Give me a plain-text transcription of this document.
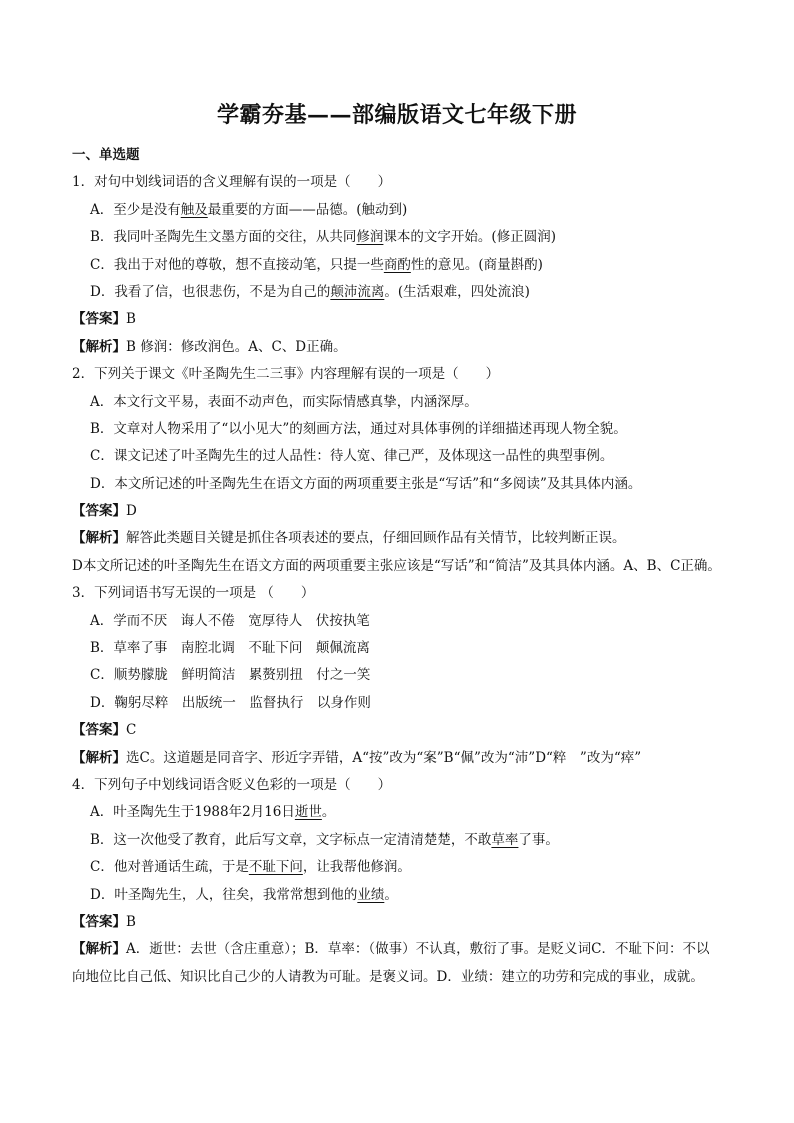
学霸夯基——部编版语文七年级下册
一、单选题
1．对句中划线词语的含义理解有误的一项是（　　）
A．至少是没有触及最重要的方面——品德。(触动到)
B．我同叶圣陶先生文墨方面的交往，从共同修润课本的文字开始。(修正圆润)
C．我出于对他的尊敬，想不直接动笔，只提一些商酌性的意见。(商量斟酌)
D．我看了信，也很悲伤，不是为自己的颠沛流离。(生活艰难，四处流浪)
【答案】B
【解析】B 修润：修改润色。A、C、D正确。
2．下列关于课文《叶圣陶先生二三事》内容理解有误的一项是（　　）
A．本文行文平易，表面不动声色，而实际情感真挚，内涵深厚。
B．文章对人物采用了“以小见大”的刻画方法，通过对具体事例的详细描述再现人物全貌。
C．课文记述了叶圣陶先生的过人品性：待人宽、律己严，及体现这一品性的典型事例。
D．本文所记述的叶圣陶先生在语文方面的两项重要主张是“写话”和“多阅读”及其具体内涵。
【答案】D
【解析】解答此类题目关键是抓住各项表述的要点，仔细回顾作品有关情节，比较判断正误。
D本文所记述的叶圣陶先生在语文方面的两项重要主张应该是“写话”和“简洁”及其具体内涵。A、B、C正确。
3．下列词语书写无误的一项是 （　　）
A．学而不厌　诲人不倦　宽厚待人　伏按执笔
B．草率了事　南腔北调　不耻下问　颠佩流离
C．顺势朦胧　鲜明简洁　累赘别扭　付之一笑
D．鞠躬尽粹　出版统一　监督执行　以身作则
【答案】C
【解析】选C。这道题是同音字、形近字弄错，A“按”改为“案”B“佩”改为“沛”D“粹　”改为“瘁”
4．下列句子中划线词语含贬义色彩的一项是（　　）
A．叶圣陶先生于1988年2月16日逝世。
B．这一次他受了教育，此后写文章，文字标点一定清清楚楚，不敢草率了事。
C．他对普通话生疏，于是不耻下问，让我帮他修润。
D．叶圣陶先生，人，往矣，我常常想到他的业绩。
【答案】B
【解析】A．逝世：去世（含庄重意）；B．草率：（做事）不认真，敷衍了事。是贬义词C．不耻下问：不以向地位比自己低、知识比自己少的人请教为可耻。是褒义词。D．业绩：建立的功劳和完成的事业，成就。
